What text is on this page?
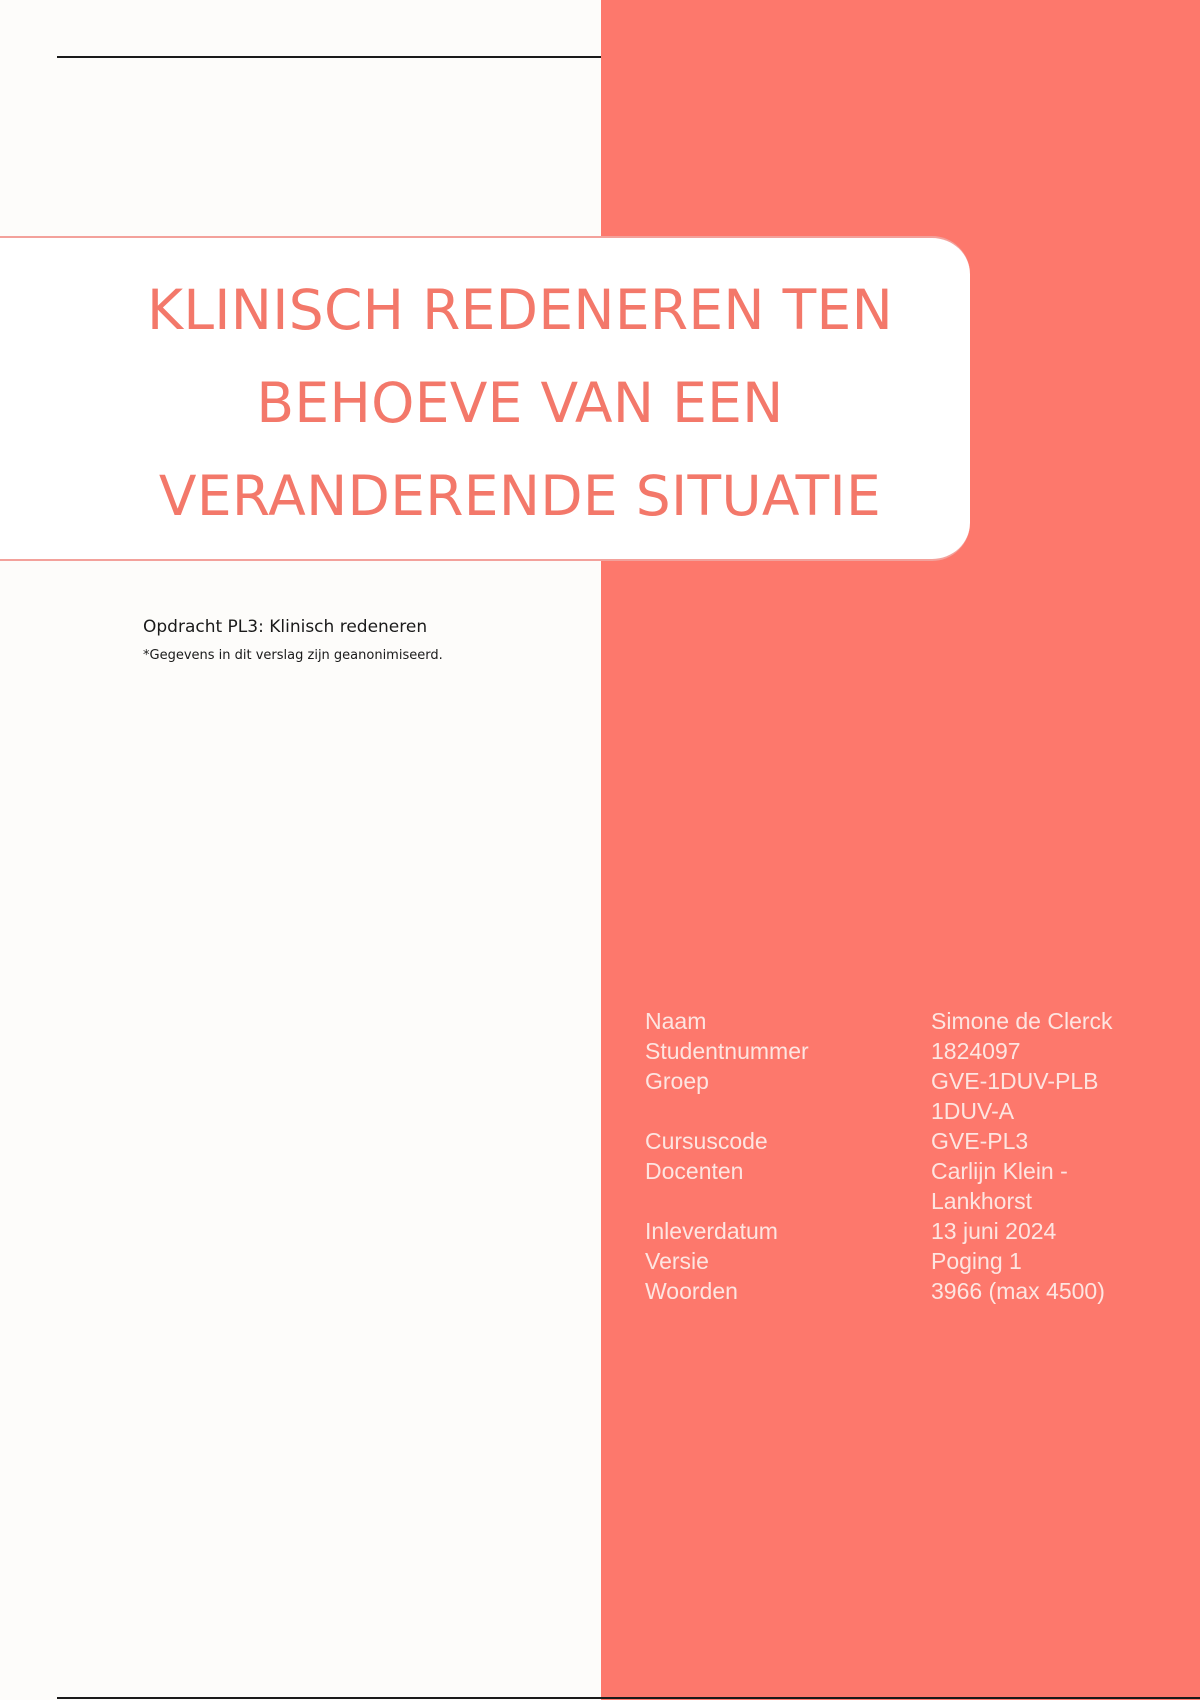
KLINISCH REDENEREN TEN
BEHOEVE VAN EEN
VERANDERENDE SITUATIE

Opdracht PL3: Klinisch redeneren

*Gegevens in dit verslag zijn geanonimiseerd.

Naam	Simone de Clerck
Studentnummer	1824097
Groep	GVE-1DUV-PLB
1DUV-A
Cursuscode	GVE-PL3
Docenten	Carlijn Klein -
Lankhorst
Inleverdatum	13 juni 2024
Versie	Poging 1
Woorden	3966 (max 4500)
